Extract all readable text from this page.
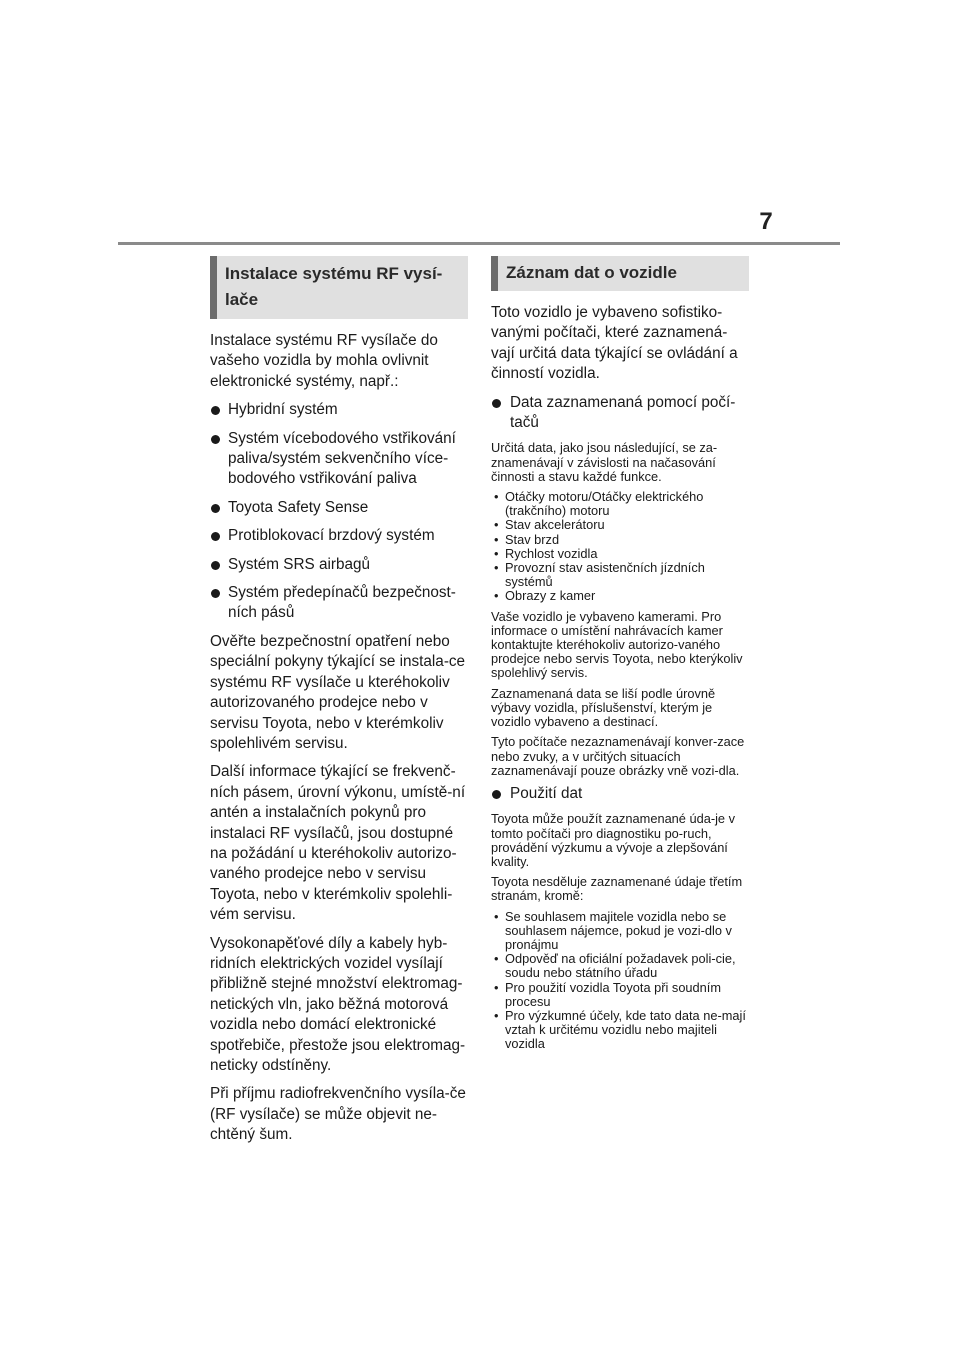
7
Instalace systému RF vysí-
lače

Instalace systému RF vysílače do vašeho vozidla by mohla ovlivnit elektronické systémy, např.:

Hybridní systém
Systém vícebodového vstřikování paliva/systém sekvenčního více-bodového vstřikování paliva
Toyota Safety Sense
Protiblokovací brzdový systém
Systém SRS airbagů
Systém předepínačů bezpečnost-ních pásů

Ověřte bezpečnostní opatření nebo speciální pokyny týkající se instala-ce systému RF vysílače u kteréhokoliv autorizovaného prodejce nebo v servisu Toyota, nebo v kterémkoliv spolehlivém servisu.

Další informace týkající se frekvenč-ních pásem, úrovní výkonu, umístě-ní antén a instalačních pokynů pro instalaci RF vysílačů, jsou dostupné na požádání u kteréhokoliv autorizo-vaného prodejce nebo v servisu Toyota, nebo v kterémkoliv spolehli-vém servisu.

Vysokonapěťové díly a kabely hyb-ridních elektrických vozidel vysílají přibližně stejné množství elektromag-netických vln, jako běžná motorová vozidla nebo domácí elektronické spotřebiče, přestože jsou elektromag-neticky odstíněny.

Při příjmu radiofrekvenčního vysíla-če (RF vysílače) se může objevit ne-chtěný šum.

Záznam dat o vozidle

Toto vozidlo je vybaveno sofistiko-vanými počítači, které zaznamená-vají určitá data týkající se ovládání a činností vozidla.

Data zaznamenaná pomocí počí-tačů

Určitá data, jako jsou následující, se za-znamenávají v závislosti na načasování činnosti a stavu každé funkce.

• Otáčky motoru/Otáčky elektrického (trakčního) motoru
• Stav akcelerátoru
• Stav brzd
• Rychlost vozidla
• Provozní stav asistenčních jízdních systémů
• Obrazy z kamer

Vaše vozidlo je vybaveno kamerami. Pro informace o umístění nahrávacích kamer kontaktujte kteréhokoliv autorizo-vaného prodejce nebo servis Toyota, nebo kterýkoliv spolehlivý servis.

Zaznamenaná data se liší podle úrovně výbavy vozidla, příslušenství, kterým je vozidlo vybaveno a destinací.

Tyto počítače nezaznamenávají konver-zace nebo zvuky, a v určitých situacích zaznamenávají pouze obrázky vně vozi-dla.

Použití dat

Toyota může použít zaznamenané úda-je v tomto počítači pro diagnostiku po-ruch, provádění výzkumu a vývoje a zlepšování kvality.

Toyota nesděluje zaznamenané údaje třetím stranám, kromě:

• Se souhlasem majitele vozidla nebo se souhlasem nájemce, pokud je vozi-dlo v pronájmu
• Odpověď na oficiální požadavek poli-cie, soudu nebo státního úřadu
• Pro použití vozidla Toyota při soudním procesu
• Pro výzkumné účely, kde tato data ne-mají vztah k určitému vozidlu nebo majiteli vozidla
